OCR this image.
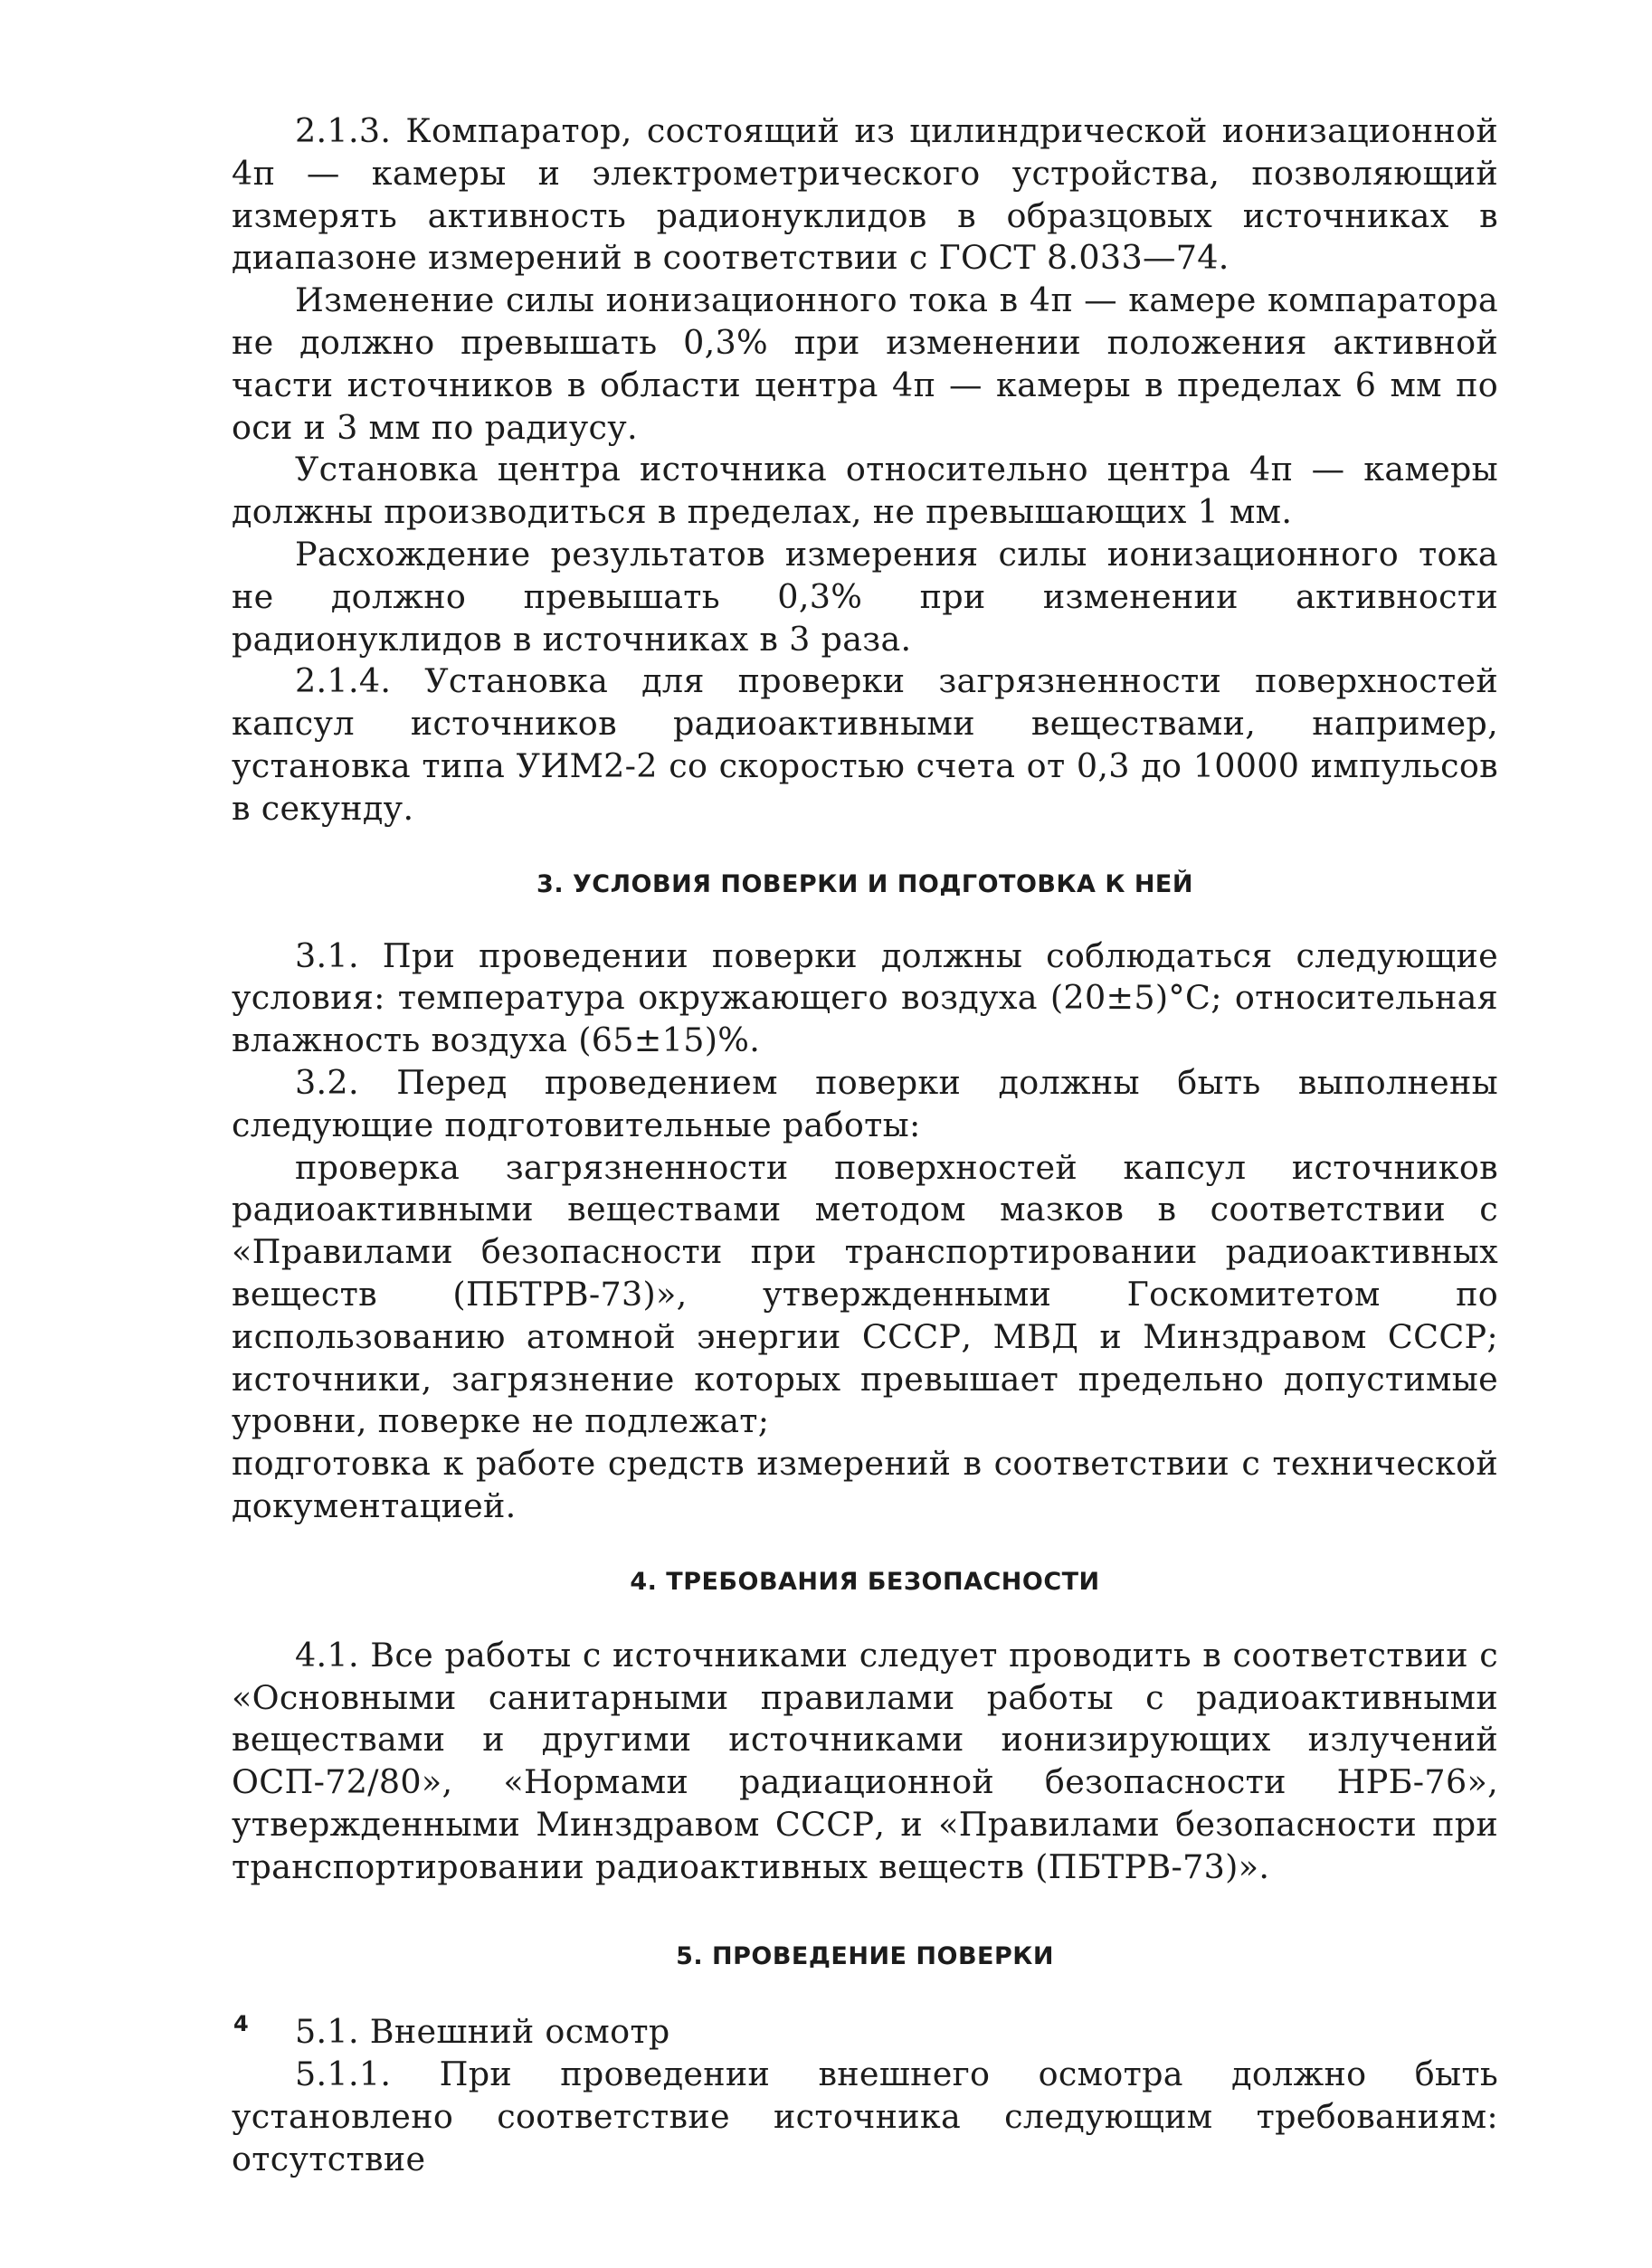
2.1.3. Компаратор, состоящий из цилиндрической ионизационной 4π — камеры и электрометрического устройства, позволяющий измерять активность радионуклидов в образцовых источниках в диапазоне измерений в соответствии с ГОСТ 8.033—74.

Изменение силы ионизационного тока в 4π — камере компаратора не должно превышать 0,3% при изменении положения активной части источников в области центра 4π — камеры в пределах 6 мм по оси и 3 мм по радиусу.

Установка центра источника относительно центра 4π — камеры должны производиться в пределах, не превышающих 1 мм.

Расхождение результатов измерения силы ионизационного тока не должно превышать 0,3% при изменении активности радионуклидов в источниках в 3 раза.

2.1.4. Установка для проверки загрязненности поверхностей капсул источников радиоактивными веществами, например, установка типа УИМ2-2 со скоростью счета от 0,3 до 10000 импульсов в секунду.

3. УСЛОВИЯ ПОВЕРКИ И ПОДГОТОВКА К НЕЙ

3.1. При проведении поверки должны соблюдаться следующие условия: температура окружающего воздуха (20±5)°С; относительная влажность воздуха (65±15)%.

3.2. Перед проведением поверки должны быть выполнены следующие подготовительные работы:

проверка загрязненности поверхностей капсул источников радиоактивными веществами методом мазков в соответствии с «Правилами безопасности при транспортировании радиоактивных веществ (ПБТРВ-73)», утвержденными Госкомитетом по использованию атомной энергии СССР, МВД и Минздравом СССР; источники, загрязнение которых превышает предельно допустимые уровни, поверке не подлежат;

подготовка к работе средств измерений в соответствии с технической документацией.

4. ТРЕБОВАНИЯ БЕЗОПАСНОСТИ

4.1. Все работы с источниками следует проводить в соответствии с «Основными санитарными правилами работы с радиоактивными веществами и другими источниками ионизирующих излучений ОСП-72/80», «Нормами радиационной безопасности НРБ-76», утвержденными Минздравом СССР, и «Правилами безопасности при транспортировании радиоактивных веществ (ПБТРВ-73)».

5. ПРОВЕДЕНИЕ ПОВЕРКИ

5.1. Внешний осмотр

5.1.1. При проведении внешнего осмотра должно быть установлено соответствие источника следующим требованиям: отсутствие

4
